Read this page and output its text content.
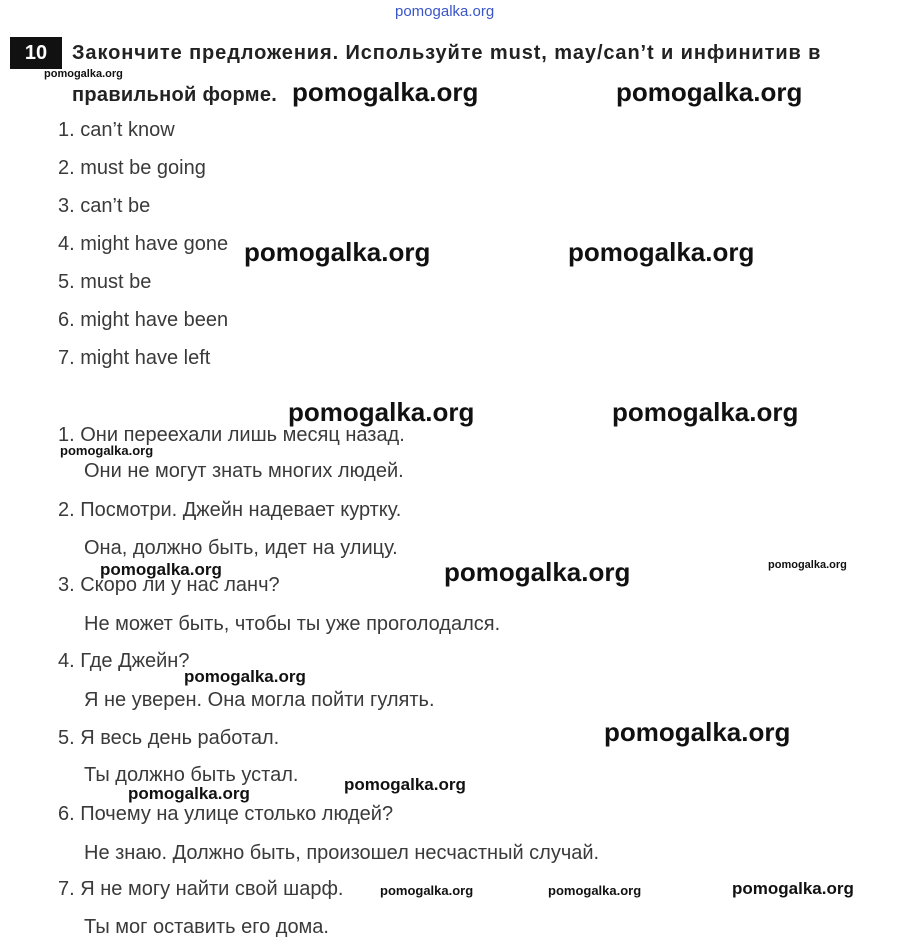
pomogalka.org
10 Закончите предложения. Используйте must, may/can’t и инфинитив в
правильной форме.
1. can’t know
2. must be going
3. can’t be
4. might have gone
5. must be
6. might have been
7. might have left
1. Они переехали лишь месяц назад.
Они не могут знать многих людей.
2. Посмотри. Джейн надевает куртку.
Она, должно быть, идет на улицу.
3. Скоро ли у нас ланч?
Не может быть, чтобы ты уже проголодался.
4. Где Джейн?
Я не уверен. Она могла пойти гулять.
5. Я весь день работал.
Ты должно быть устал.
6. Почему на улице столько людей?
Не знаю. Должно быть, произошел несчастный случай.
7. Я не могу найти свой шарф.
Ты мог оставить его дома.
pomogalka.org
pomogalka.org	pomogalka.org
pomogalka.org	pomogalka.org
pomogalka.org	pomogalka.org
pomogalka.org
pomogalka.org	pomogalka.org	pomogalka.org
pomogalka.org
pomogalka.org
pomogalka.org
pomogalka.org
pomogalka.org	pomogalka.org	pomogalka.org
